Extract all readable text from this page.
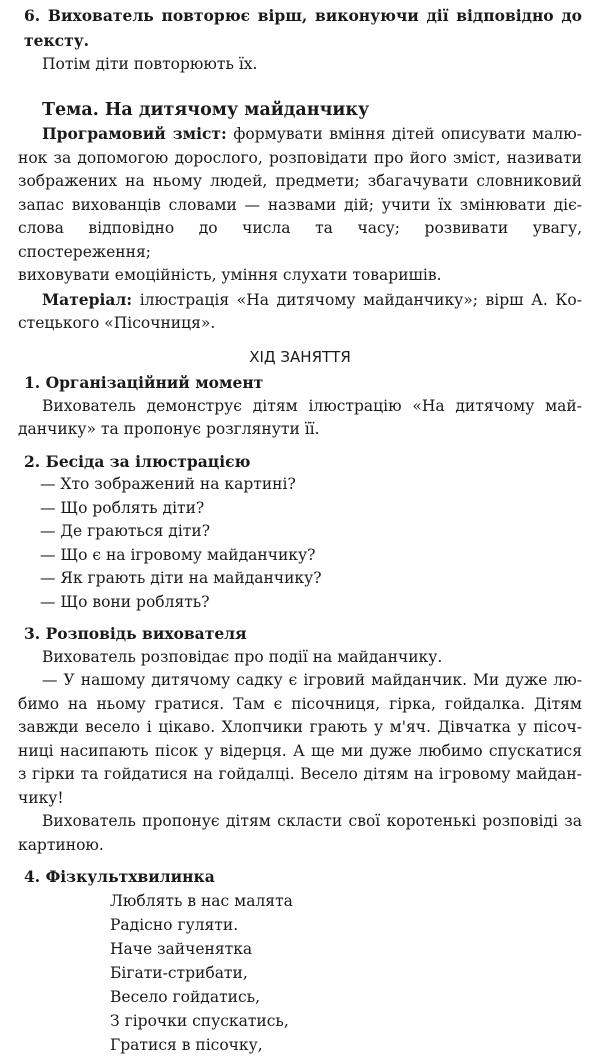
6. Вихователь повторює вірш, виконуючи дії відповідно до тексту.
Потім діти повторюють їх.
Тема. На дитячому майданчику
Програмовий зміст: формувати вміння дітей описувати малю-
нок за допомогою дорослого, розповідати про його зміст, називати
зображених на ньому людей, предмети; збагачувати словниковий
запас вихованців словами — назвами дій; учити їх змінювати діє-
слова відповідно до числа та часу; розвивати увагу, спостереження;
виховувати емоційність, уміння слухати товаришів.
Матеріал: ілюстрація «На дитячому майданчику»; вірш А. Ко-
стецького «Пісочниця».
ХІД ЗАНЯТТЯ
1. Організаційний момент
Вихователь демонструє дітям ілюстрацію «На дитячому май-
данчику» та пропонує розглянути її.
2. Бесіда за ілюстрацією
— Хто зображений на картині?
— Що роблять діти?
— Де граються діти?
— Що є на ігровому майданчику?
— Як грають діти на майданчику?
— Що вони роблять?
3. Розповідь вихователя
Вихователь розповідає про події на майданчику.
— У нашому дитячому садку є ігровий майданчик. Ми дуже лю-
бимо на ньому гратися. Там є пісочниця, гірка, гойдалка. Дітям
завжди весело і цікаво. Хлопчики грають у м'яч. Дівчатка у пісоч-
ниці насипають пісок у відерця. А ще ми дуже любимо спускатися
з гірки та гойдатися на гойдалці. Весело дітям на ігровому майдан-
чику!
Вихователь пропонує дітям скласти свої коротенькі розповіді за
картиною.
4. Фізкультхвилинка
Люблять в нас малята
Радісно гуляти.
Наче зайченятка
Бігати-стрибати,
Весело гойдатись,
З гірочки спускатись,
Гратися в пісочку,
